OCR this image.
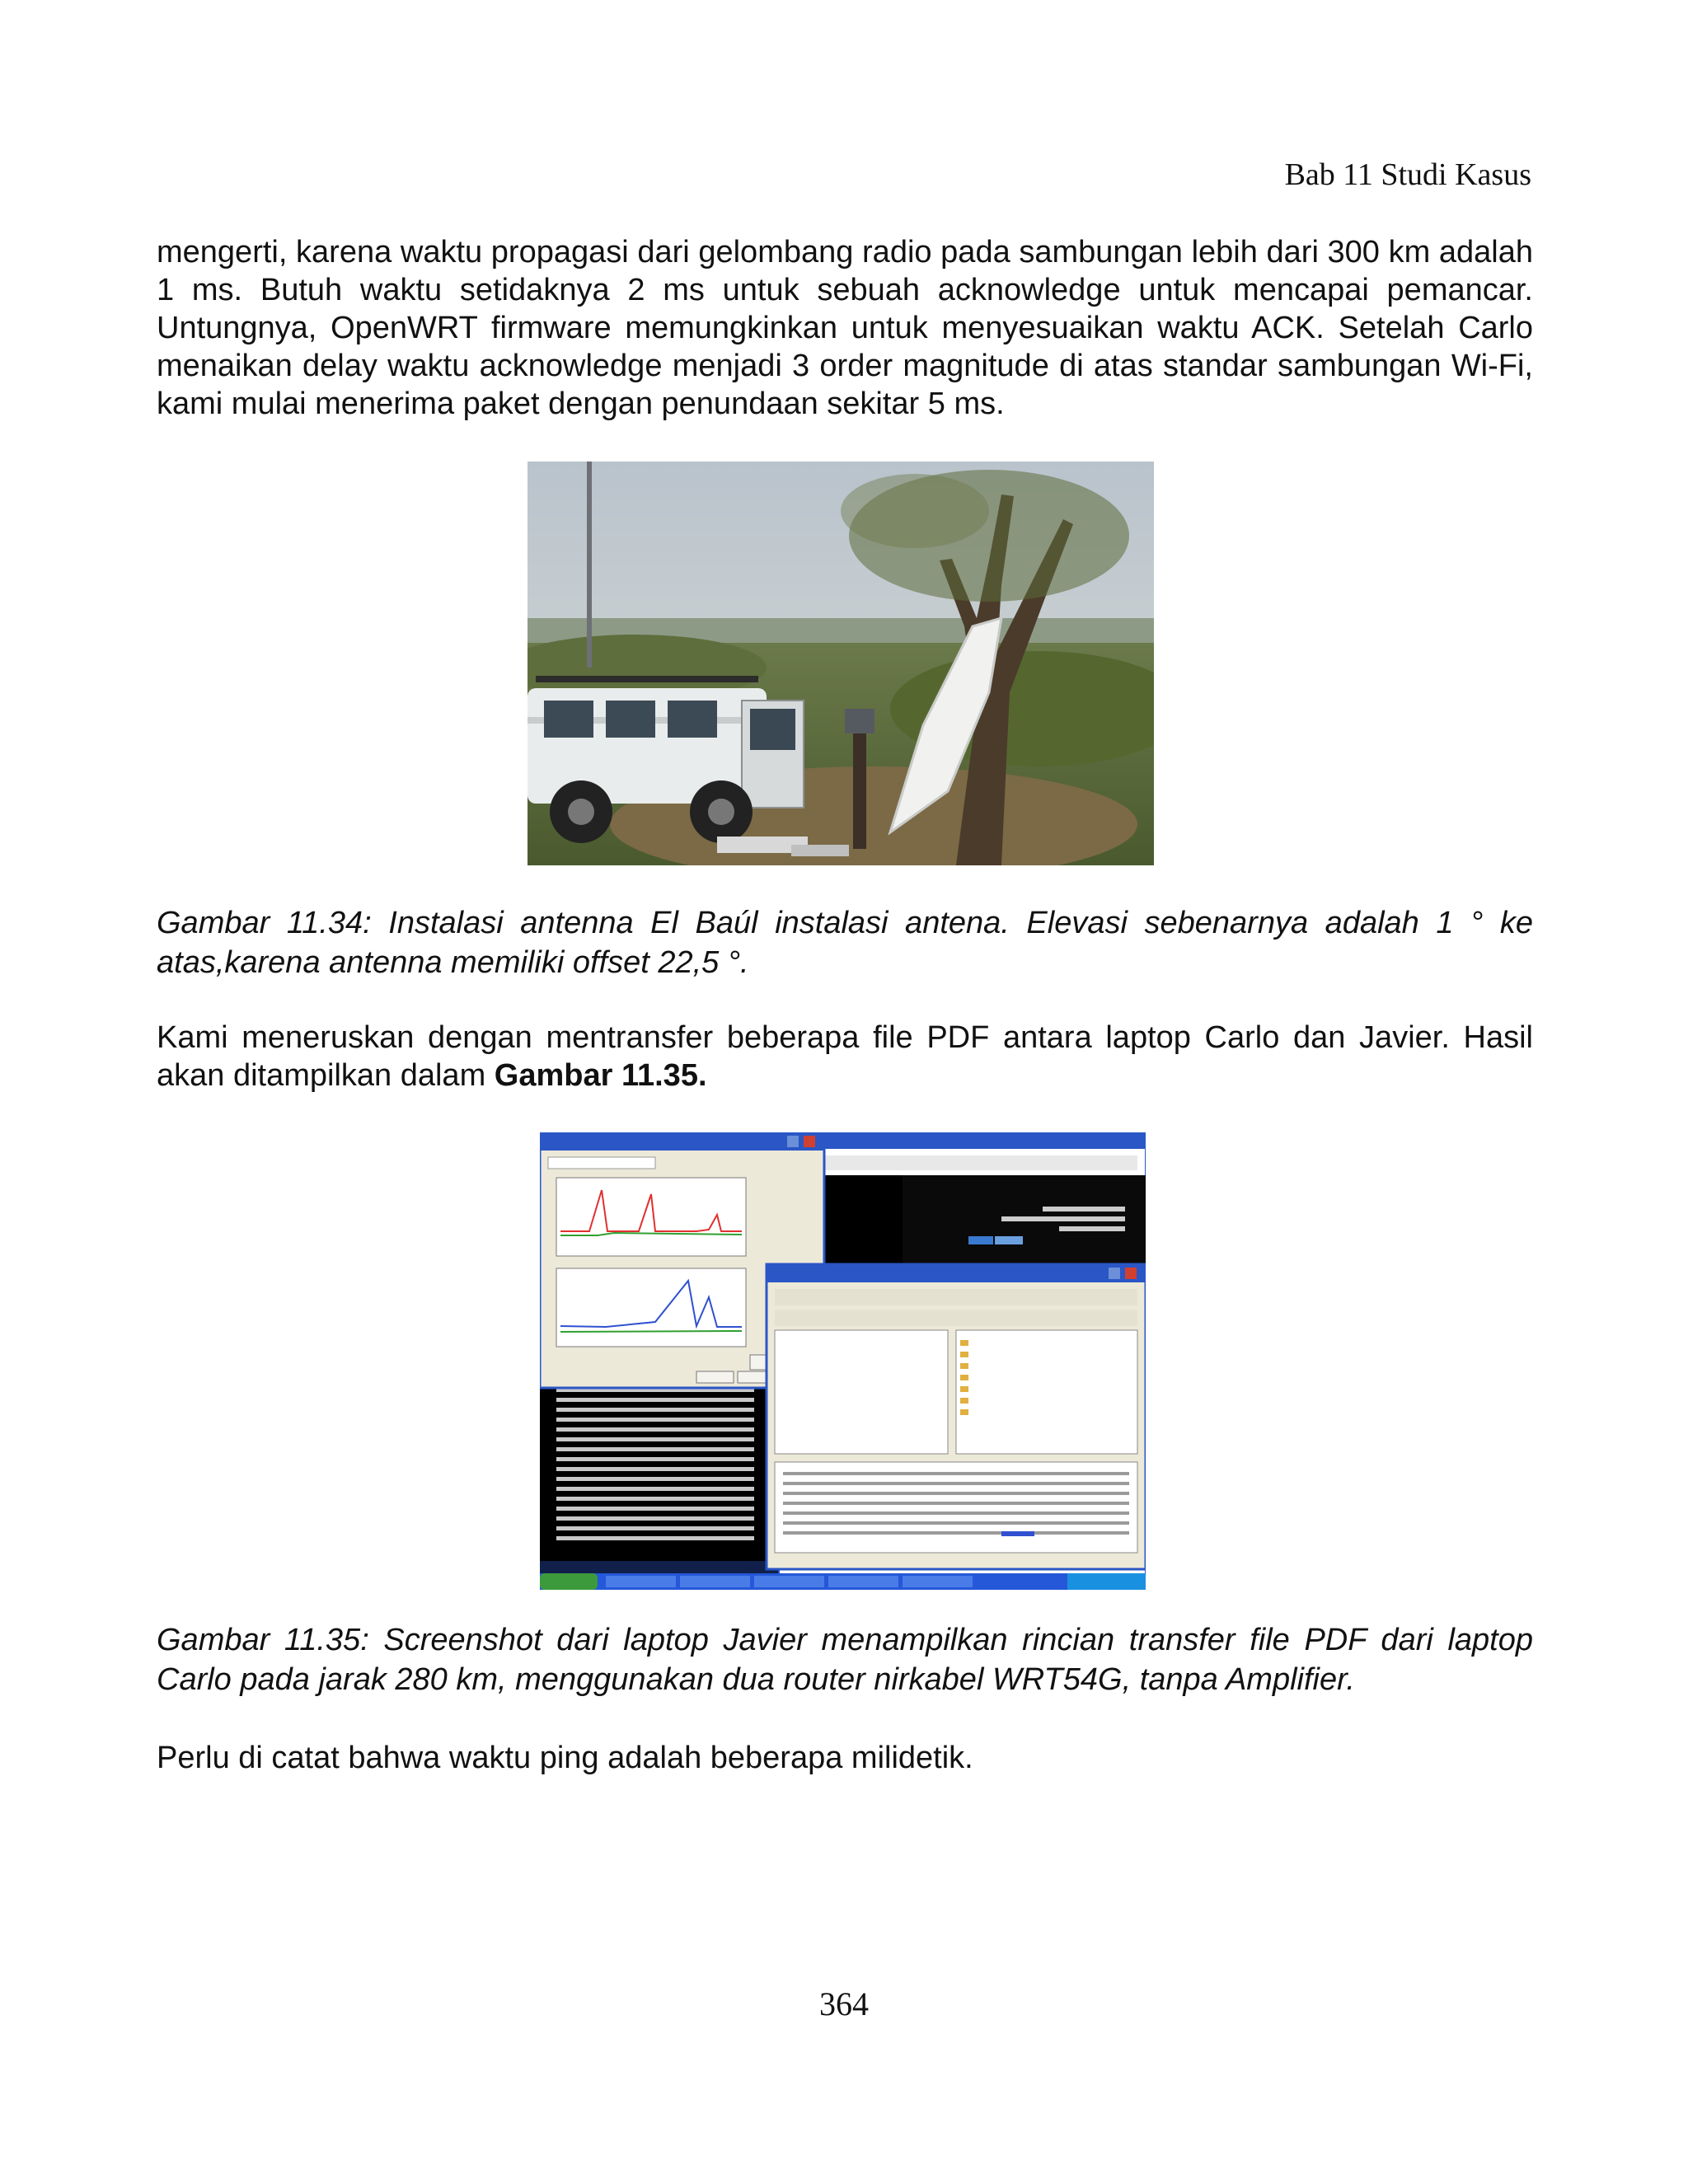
Bab 11 Studi Kasus
mengerti, karena waktu propagasi dari gelombang radio pada sambungan lebih dari 300 km adalah 1 ms. Butuh waktu setidaknya 2 ms untuk sebuah acknowledge untuk mencapai pemancar. Untungnya, OpenWRT firmware memungkinkan untuk menyesuaikan waktu ACK. Setelah Carlo menaikan delay waktu acknowledge menjadi 3 order magnitude di atas standar sambungan Wi-Fi, kami mulai menerima paket dengan penundaan sekitar 5 ms.
Gambar 11.34: Instalasi antenna El Baúl instalasi antena. Elevasi sebenarnya adalah 1 ° ke atas,karena antenna memiliki offset 22,5 °.
Kami meneruskan dengan mentransfer beberapa file PDF antara laptop Carlo dan Javier. Hasil akan ditampilkan dalam Gambar 11.35.
Gambar 11.35: Screenshot dari laptop Javier menampilkan rincian transfer file PDF dari laptop Carlo pada jarak 280 km, menggunakan dua router nirkabel WRT54G, tanpa Amplifier.
Perlu di catat bahwa waktu ping adalah beberapa milidetik.
364
